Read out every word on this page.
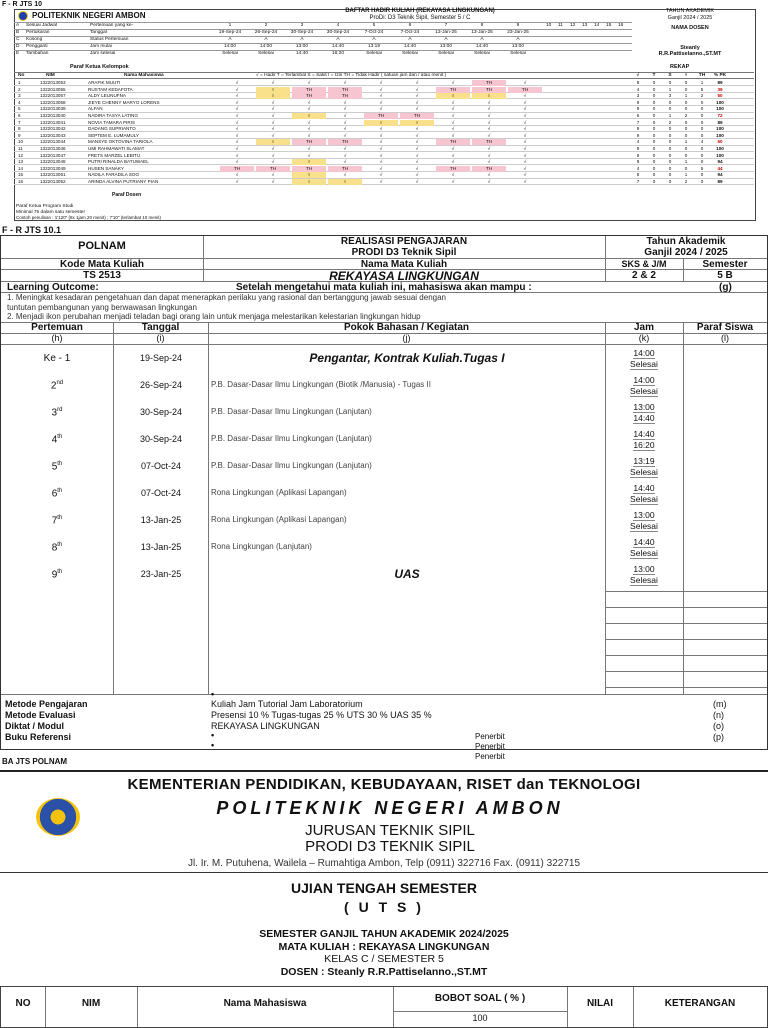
F - R JTS 10
POLITEKNIK NEGERI AMBON	DAFTAR HADIR KULIAH (REKAYASA LINGKUNGAN)
ProDi: D3 Teknik Sipil, Semester 5 / C
TAHUN AKADEMIK
Ganjil 2024 / 2025
NAMA DOSEN
Steanly
R.R.Pattiselanno.,ST.MT
A Sesuai Jadwal	Pertemuan yang ke-	1	2	3	4	5	6	7	8	9	10 11 12 13 14 15 16
B Pertukaran	Tanggal	19-Sep-24	26-Sep-24	30-Sep-24	30-Sep-24	7-Oct-24	7-Oct-24	13-Jan-25	13-Jan-25	23-Jan-25
C Kosong	Status Pertemuan	A	A	A	A	A	A	A	A	A
D Pengganti	Jam mulai	14:00	14:00	13:00	14:40	13:19	14:40	13:00	14:40	13:00
E Tambahan	Jam selesai	Selesai	Selesai	14:40	16:20	Selesai	Selesai	Selesai	Selesai	Selesai
Paraf Ketua Kelompok	REKAP
No	NIM	Nama Mahasiswa	√ = Hadir T = Terlambat S = Sakit I = Izin TH = Tidak Hadir ( satuan jam dan / atau menit )	√	T	S	I	TH	% PK
1	1322013053	ARAFIK MUUTI	√	√	√	√	√	√	√	TH	√	8	0	0	0	1	89
2	1322013055	RUSTAM KEDAFOTA	√	I	TH	TH	√	√	TH	TH	TH	4	0	1	0	5	39
3	1322013057	ALDY LEUNUFNA	√	I	TH	TH	√	√	I	I	√	3	0	3	1	2	50
4	1322013058	JIEYE CHENNY MARYO LORENS	√	√	√	√	√	√	√	√	√	9	0	0	0	0	100
5	1322013039	ALFAN	√	√	√	√	√	√	√	√	√	9	0	0	0	0	100
6	1322013040	NADIRA TASYA LATING	√	√	I	√	TH	TH	√	√	√	6	0	1	2	0	72
7	1322013041	NOVIA TAMARA PIRIS	√	√	√	√	I	I	√	√	√	7	0	2	0	0	89
8	1322013042	DADANG SUPRIANTO	√	√	√	√	√	√	√	√	√	9	0	0	0	0	100
9	1322013043	SEPTEM E. LUMAMULY	√	√	√	√	√	√	√	√	√	9	0	0	0	0	100
10	1322013044	MANSYE OKTOVINA TARIOLA	√	I	TH	TH	√	√	TH	TH	√	4	0	0	1	4	50
11	1322013046	UMI RAHMAWATI SLAMAT	√	√	√	√	√	√	√	√	√	9	0	0	0	0	100
12	1322013047	FRETS MARZEL LEBITU	√	√	√	√	√	√	√	√	√	9	0	0	0	0	100
13	1322013048	PUTRI RINALDA BATUWAEL	√	√	I	√	√	√	√	√	√	8	0	0	1	0	94
14	1322013049	HUSEN SANAKY	TH	TH	TH	TH	√	√	TH	TH	√	4	0	0	0	5	44
15	1322013051	NADILA FARADILA SOO	√	√	I	√	√	√	√	√	√	8	0	0	1	0	94
16	1322013052	ARINDA ALVINA PUTRIANY PIAN	√	√	I	I	√	√	√	√	√	7	0	0	2	0	89
Paraf Dosen
Paraf Ketua Program Studi
Minimal 75 dalam satu semester
Contoh penulisan : 1'120" (8x 1jam 20 menit) ; 7'10" (terlambat 10 menit)
F - R JTS 10.1
POLNAM	REALISASI PENGAJARAN
PRODI D3 Teknik Sipil
Tahun Akademik
Ganjil 2024 / 2025
Kode Mata Kuliah	Nama Mata Kuliah	SKS & J/M	Semester
TS 2513	REKAYASA LINGKUNGAN	2 & 2	5 B
Learning Outcome:	Setelah mengetahui mata kuliah ini, mahasiswa akan mampu :	(g)
1. Meningkat kesadaran pengetahuan dan dapat menerapkan perilaku yang rasional dan bertanggung jawab sesuai dengan
tuntutan pembangunan yang berwawasan lingkungan
2. Menjadi ikon perubahan menjadi teladan bagi orang lain untuk menjaga melestarikan kelestarian lingkungan hidup
Pertemuan	Tanggal	Pokok Bahasan / Kegiatan	Jam	Paraf Siswa
(h)	(i)	(j)	(k)	(l)
Ke - 1	19-Sep-24	Pengantar, Kontrak Kuliah.Tugas I	14:00
Selesai
2nd	26-Sep-24	P.B. Dasar-Dasar Ilmu Lingkungan (Biotik /Manusia) - Tugas II	14:00
Selesai
3rd	30-Sep-24	P.B. Dasar-Dasar Ilmu Lingkungan (Lanjutan)	13:00
14:40
4th	30-Sep-24	P.B. Dasar-Dasar Ilmu Lingkungan (Lanjutan)	14:40
16:20
5th	07-Oct-24	P.B. Dasar-Dasar Ilmu Lingkungan (Lanjutan)	13:19
Selesai
6th	07-Oct-24	Rona Lingkungan (Aplikasi Lapangan)	14:40
Selesai
7th	13-Jan-25	Rona Lingkungan (Aplikasi Lapangan)	13:00
Selesai
8th	13-Jan-25	Rona Lingkungan (Lanjutan)	14:40
Selesai
9th	23-Jan-25	UAS	13:00
Selesai
•
Metode Pengajaran	Kuliah Jam Tutorial Jam Laboratorium	(m)
Metode Evaluasi	Presensi 10 % Tugas-tugas 25 % UTS 30 % UAS 35 %	(n)
Diktat / Modul	REKAYASA LINGKUNGAN	(o)
Buku Referensi	(p)
•
•
Penerbit
Penerbit
Penerbit
BA JTS POLNAM
KEMENTERIAN PENDIDIKAN, KEBUDAYAAN, RISET dan TEKNOLOGI
POLITEKNIK NEGERI AMBON
JURUSAN TEKNIK SIPIL
PRODI D3 TEKNIK SIPIL
Jl. Ir. M. Putuhena, Wailela – Rumahtiga Ambon, Telp (0911) 322716 Fax. (0911) 322715
UJIAN TENGAH SEMESTER
( U T S )
SEMESTER GANJIL TAHUN AKADEMIK 2024/2025
MATA KULIAH : REKAYASA LINGKUNGAN
KELAS C / SEMESTER 5
DOSEN : Steanly R.R.Pattiselanno.,ST.MT
NO	NIM	Nama Mahasiswa	BOBOT SOAL ( % )
100
NILAI	KETERANGAN
